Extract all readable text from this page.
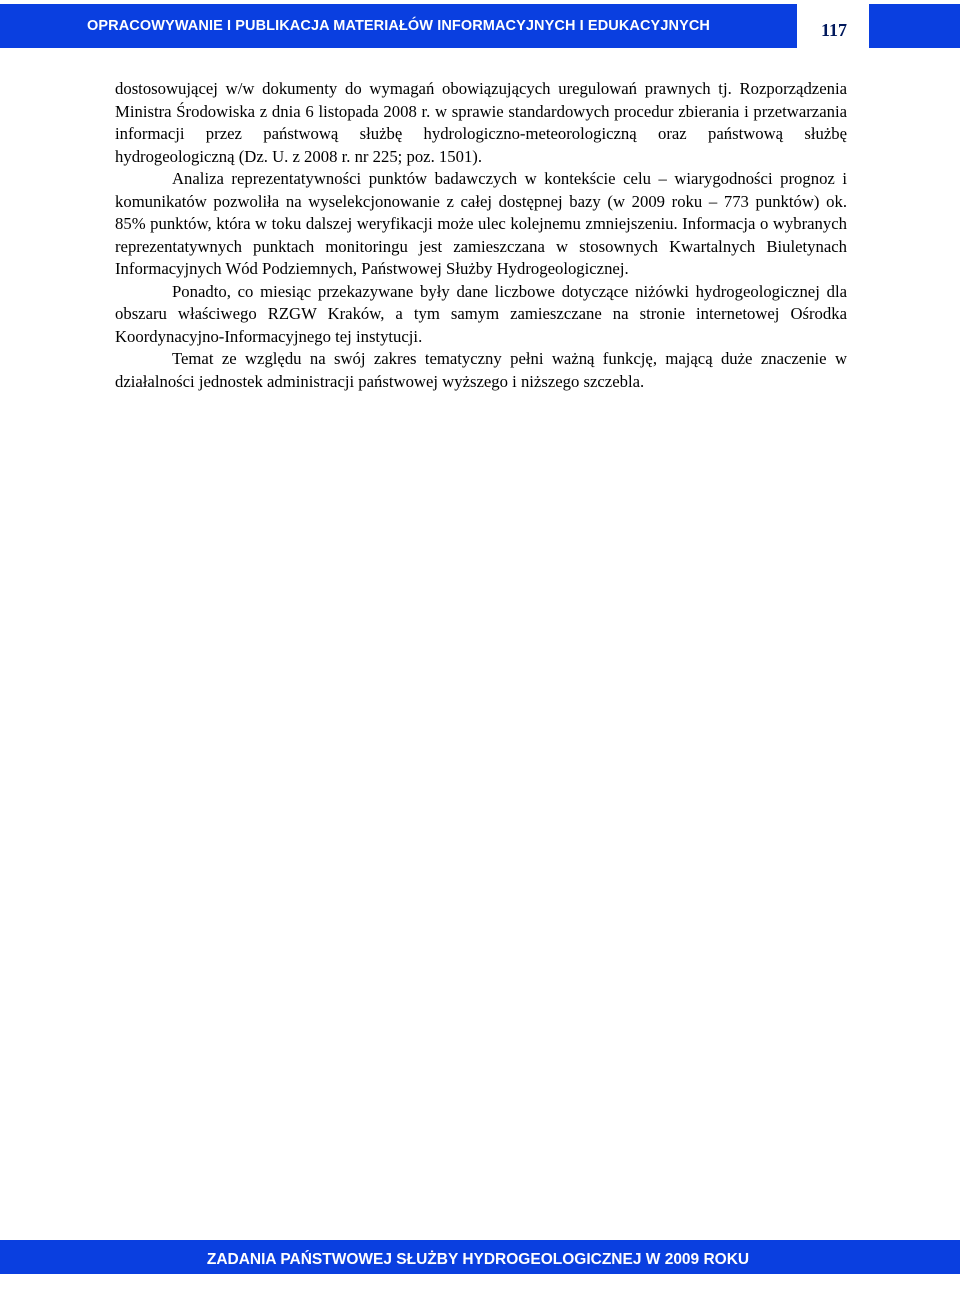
OPRACOWYWANIE I PUBLIKACJA MATERIAŁÓW INFORMACYJNYCH I EDUKACYJNYCH	117

dostosowującej w/w dokumenty do wymagań obowiązujących uregulowań prawnych tj. Rozporządzenia Ministra Środowiska z dnia 6 listopada 2008 r. w sprawie standardowych procedur zbierania i przetwarzania informacji przez państwową służbę hydrologiczno-meteorologiczną oraz państwową służbę hydrogeologiczną (Dz. U. z 2008 r. nr 225; poz. 1501).

Analiza reprezentatywności punktów badawczych w kontekście celu – wiarygodności prognoz i komunikatów pozwoliła na wyselekcjonowanie z całej dostępnej bazy (w 2009 roku – 773 punktów) ok. 85% punktów, która w toku dalszej weryfikacji może ulec kolejnemu zmniejszeniu. Informacja o wybranych reprezentatywnych punktach monitoringu jest zamieszczana w stosownych Kwartalnych Biuletynach Informacyjnych Wód Podziemnych, Państwowej Służby Hydrogeologicznej.

Ponadto, co miesiąc przekazywane były dane liczbowe dotyczące niżówki hydrogeologicznej dla obszaru właściwego RZGW Kraków, a tym samym zamieszczane na stronie internetowej Ośrodka Koordynacyjno-Informacyjnego tej instytucji.

Temat ze względu na swój zakres tematyczny pełni ważną funkcję, mającą duże znaczenie w działalności jednostek administracji państwowej wyższego i niższego szczebla.

ZADANIA PAŃSTWOWEJ SŁUŻBY HYDROGEOLOGICZNEJ W 2009 ROKU
